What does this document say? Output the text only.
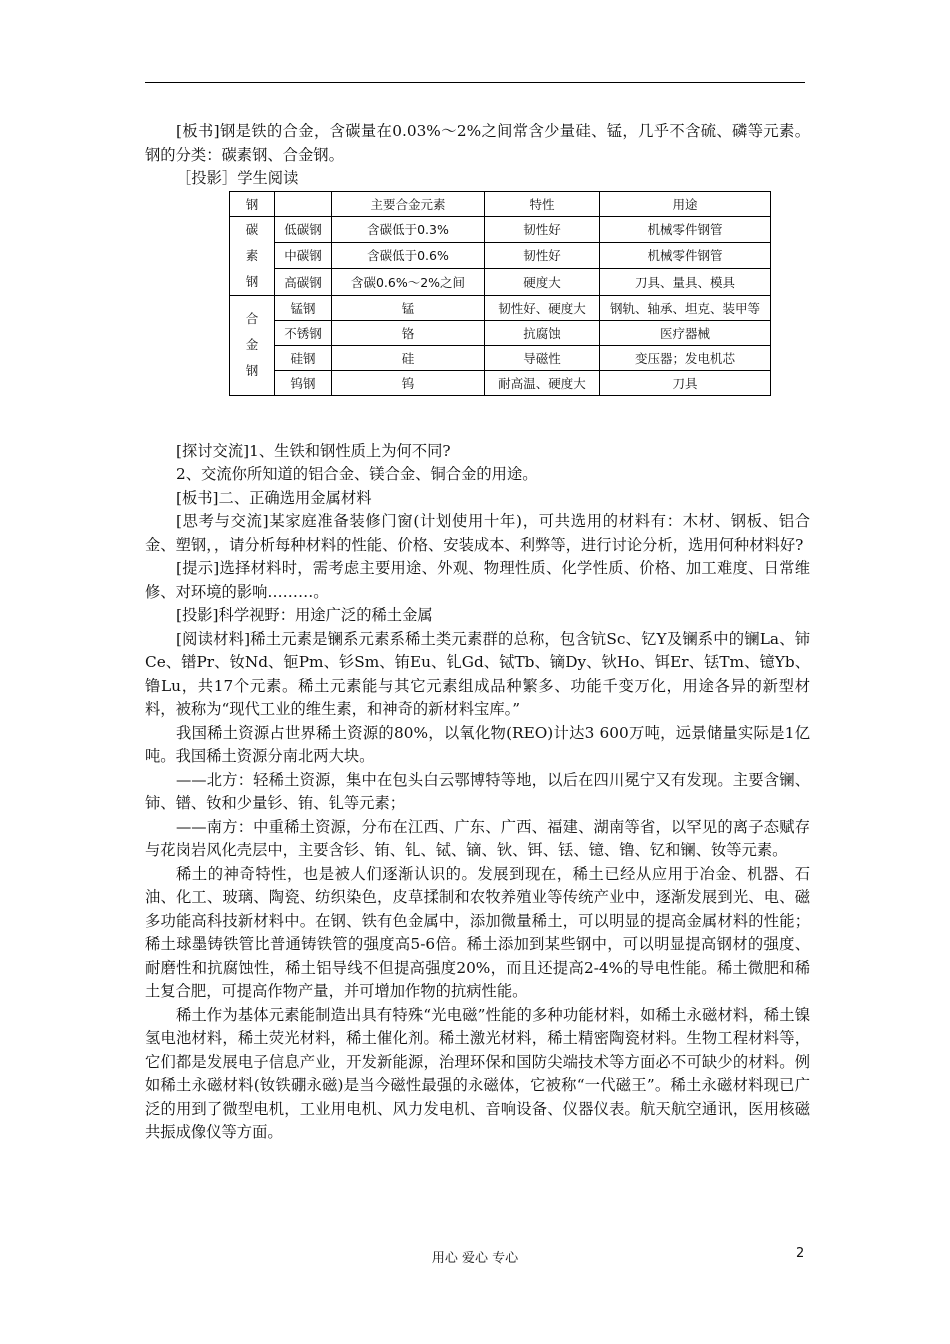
[板书]钢是铁的合金，含碳量在0.03%～2%之间常含少量硅、锰，几乎不含硫、磷等元素。钢的分类：碳素钢、合金钢。

［投影］学生阅读

钢		主要合金元素	特性	用途
碳
素
钢	低碳钢	含碳低于0.3%	韧性好	机械零件钢管
	中碳钢	含碳低于0.6%	韧性好	机械零件钢管
	高碳钢	含碳0.6%～2%之间	硬度大	刀具、量具、模具
合
金
钢	锰钢	锰	韧性好、硬度大	钢轨、轴承、坦克、装甲等
	不锈钢	铬	抗腐蚀	医疗器械
	硅钢	硅	导磁性	变压器；发电机芯
	钨钢	钨	耐高温、硬度大	刀具

[探讨交流]1、生铁和钢性质上为何不同?

2、交流你所知道的铝合金、镁合金、铜合金的用途。

[板书]二、正确选用金属材料

[思考与交流]某家庭准备装修门窗(计划使用十年)，可共选用的材料有：木材、钢板、铝合金、塑钢，，请分析每种材料的性能、价格、安装成本、利弊等，进行讨论分析，选用何种材料好?

[提示]选择材料时，需考虑主要用途、外观、物理性质、化学性质、价格、加工难度、日常维修、对环境的影响………。

[投影]科学视野：用途广泛的稀土金属

[阅读材料]稀土元素是镧系元素系稀土类元素群的总称，包含钪Sc、钇Y及镧系中的镧La、铈Ce、镨Pr、钕Nd、钷Pm、钐Sm、铕Eu、钆Gd、铽Tb、镝Dy、钬Ho、铒Er、铥Tm、镱Yb、镥Lu，共17个元素。稀土元素能与其它元素组成品种繁多、功能千变万化，用途各异的新型材料，被称为“现代工业的维生素，和神奇的新材料宝库。”

我国稀土资源占世界稀土资源的80%，以氧化物(REO)计达3 600万吨，远景储量实际是1亿吨。我国稀土资源分南北两大块。

——北方：轻稀土资源，集中在包头白云鄂博特等地，以后在四川冕宁又有发现。主要含镧、铈、镨、钕和少量钐、铕、钆等元素；

——南方：中重稀土资源，分布在江西、广东、广西、福建、湖南等省，以罕见的离子态赋存与花岗岩风化壳层中，主要含钐、铕、钆、铽、镝、钬、铒、铥、镱、镥、钇和镧、钕等元素。

稀土的神奇特性，也是被人们逐渐认识的。发展到现在，稀土已经从应用于冶金、机器、石油、化工、玻璃、陶瓷、纺织染色，皮草揉制和农牧养殖业等传统产业中，逐渐发展到光、电、磁多功能高科技新材料中。在钢、铁有色金属中，添加微量稀土，可以明显的提高金属材料的性能；稀土球墨铸铁管比普通铸铁管的强度高5-6倍。稀土添加到某些钢中，可以明显提高钢材的强度、耐磨性和抗腐蚀性，稀土铝导线不但提高强度20%，而且还提高2-4%的导电性能。稀土微肥和稀土复合肥，可提高作物产量，并可增加作物的抗病性能。

稀土作为基体元素能制造出具有特殊“光电磁”性能的多种功能材料，如稀土永磁材料，稀土镍氢电池材料，稀土荧光材料，稀土催化剂。稀土激光材料，稀土精密陶瓷材料。生物工程材料等，它们都是发展电子信息产业，开发新能源，治理环保和国防尖端技术等方面必不可缺少的材料。例如稀土永磁材料(钕铁硼永磁)是当今磁性最强的永磁体，它被称“一代磁王”。稀土永磁材料现已广泛的用到了微型电机，工业用电机、风力发电机、音响设备、仪器仪表。航天航空通讯，医用核磁共振成像仪等方面。

用心 爱心 专心	2
